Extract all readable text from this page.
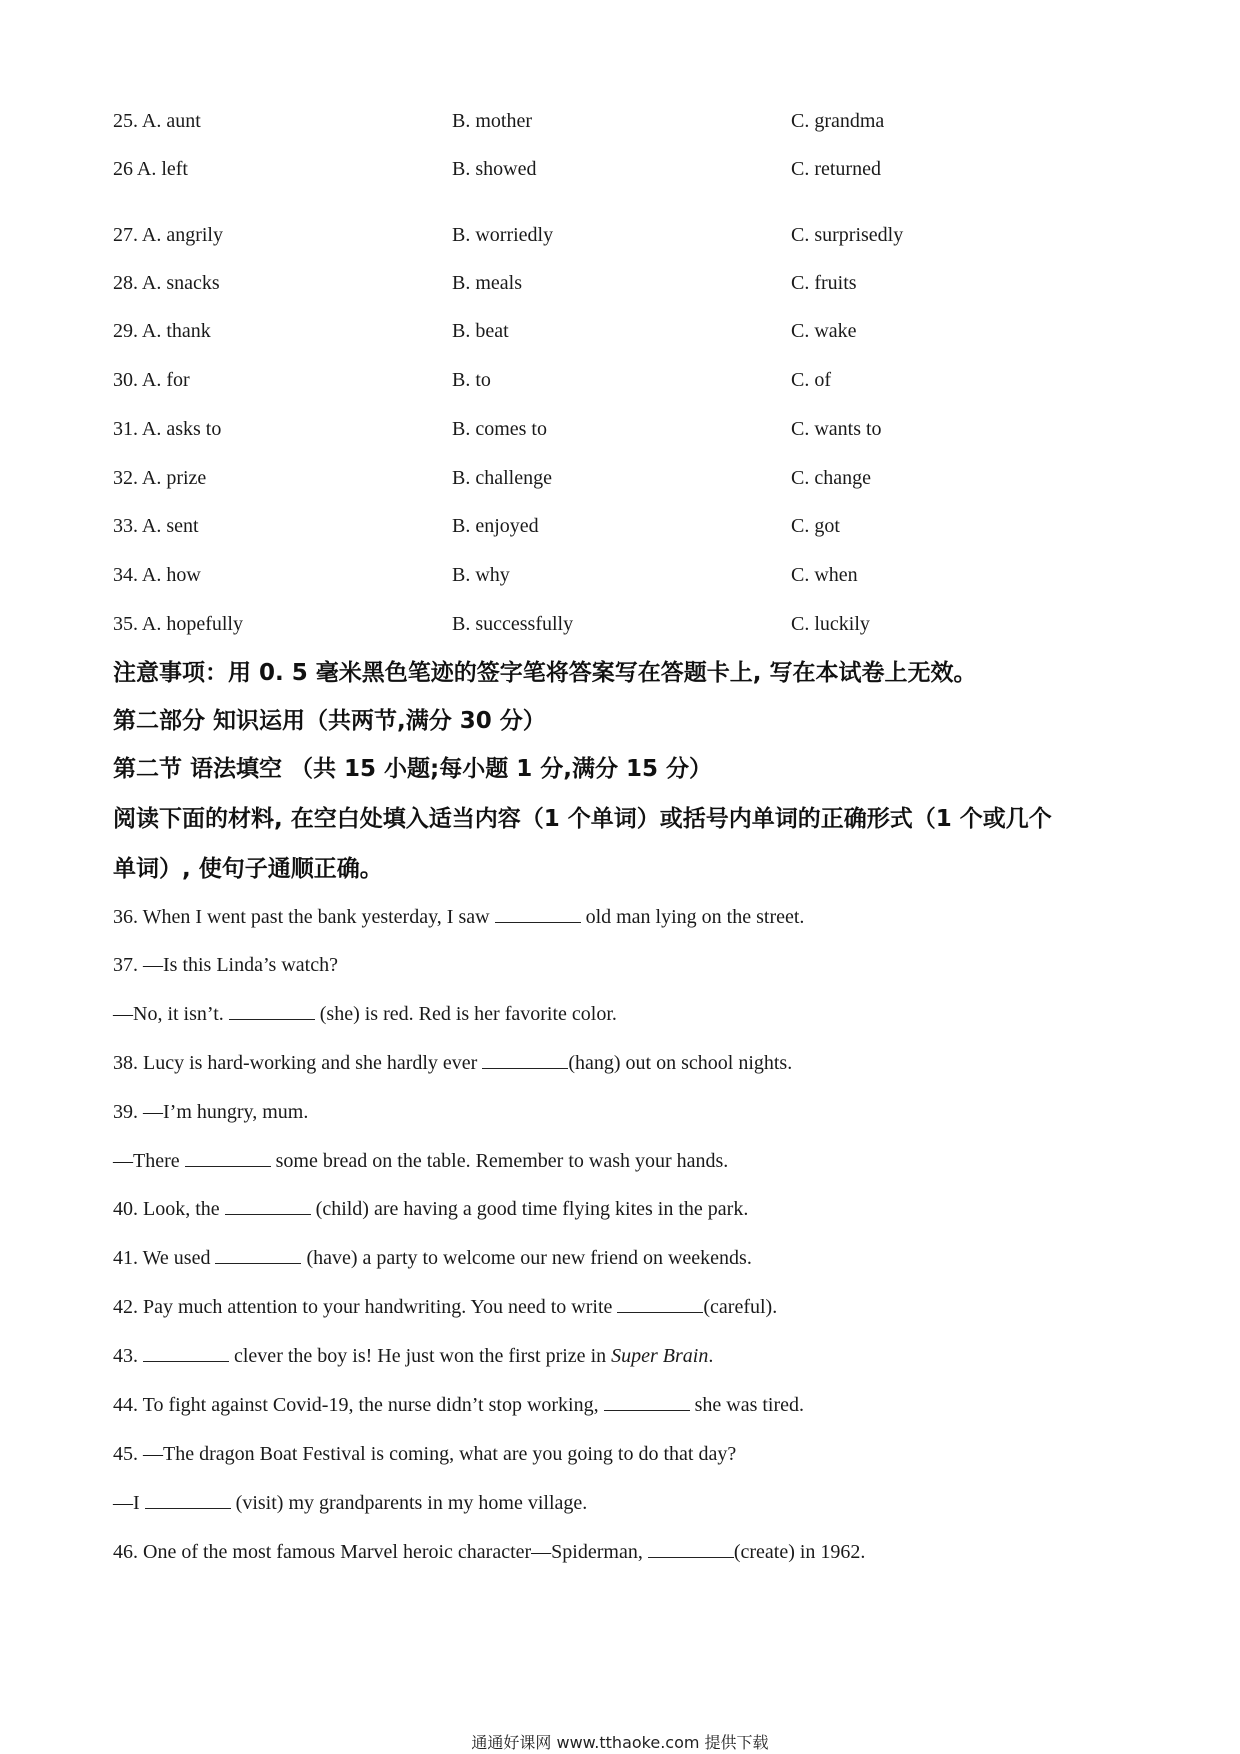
25. A. aunt	B. mother	C. grandma
26 A. left	B. showed	C. returned
27. A. angrily	B. worriedly	C. surprisedly
28. A. snacks	B. meals	C. fruits
29. A. thank	B. beat	C. wake
30. A. for	B. to	C. of
31. A. asks to	B. comes to	C. wants to
32. A. prize	B. challenge	C. change
33. A. sent	B. enjoyed	C. got
34. A. how	B. why	C. when
35. A. hopefully	B. successfully	C. luckily
注意事项：用 0. 5 毫米黑色笔迹的签字笔将答案写在答题卡上, 写在本试卷上无效。
第二部分 知识运用（共两节,满分 30 分）
第二节 语法填空 （共 15 小题;每小题 1 分,满分 15 分）
阅读下面的材料, 在空白处填入适当内容（1 个单词）或括号内单词的正确形式（1 个或几个
单词）, 使句子通顺正确。
36. When I went past the bank yesterday, I saw	old man lying on the street.
37. —Is this Linda’s watch?
—No, it isn’t.	(she) is red. Red is her favorite color.
38. Lucy is hard-working and she hardly ever	(hang) out on school nights.
39. —I’m hungry, mum.
—There	some bread on the table. Remember to wash your hands.
40. Look, the	(child) are having a good time flying kites in the park.
41. We used	(have) a party to welcome our new friend on weekends.
42. Pay much attention to your handwriting. You need to write	(careful).
43.	clever the boy is! He just won the first prize in Super Brain.
44. To fight against Covid-19, the nurse didn’t stop working,	she was tired.
45. —The dragon Boat Festival is coming, what are you going to do that day?
—I	(visit) my grandparents in my home village.
46. One of the most famous Marvel heroic character—Spiderman,	(create) in 1962.
通通好课网 www.tthaoke.com 提供下载
